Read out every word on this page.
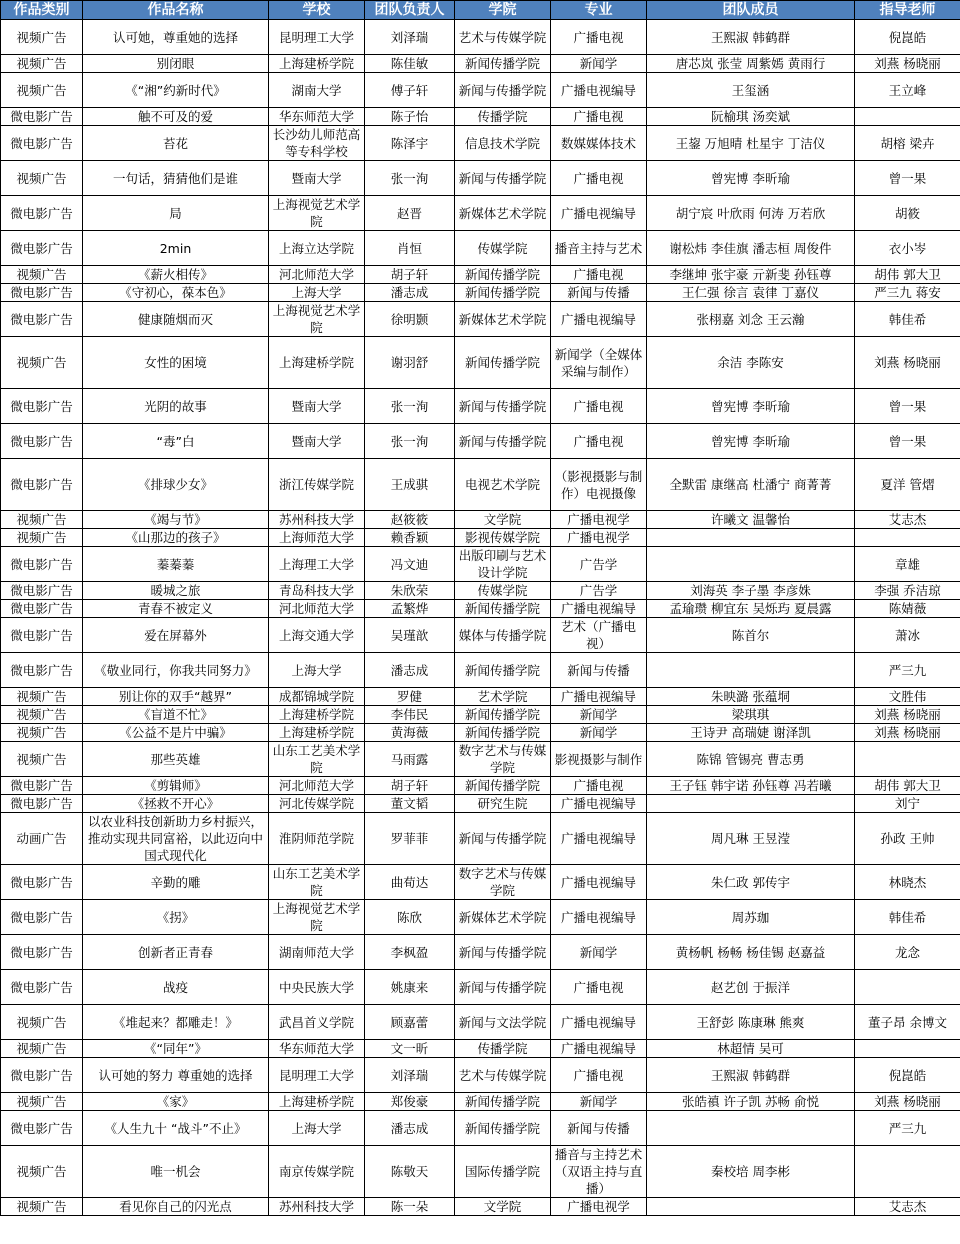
作品类别	作品名称	学校	团队负责人	学院	专业	团队成员	指导老师
视频广告	认可她，尊重她的选择	昆明理工大学	刘泽瑞	艺术与传媒学院	广播电视	王熙淑 韩鹤群	倪崑皓
视频广告	别闭眼	上海建桥学院	陈佳敏	新闻传播学院	新闻学	唐芯岚 张莹 周紫嫣 黄雨行	刘燕 杨晓丽
视频广告	《“湘”约新时代》	湖南大学	傅子轩	新闻与传播学院	广播电视编导	王玺涵	王立峰
微电影广告	触不可及的爱	华东师范大学	陈子怡	传播学院	广播电视	阮榆琪 汤奕斌	
微电影广告	苔花	长沙幼儿师范高等专科学校	陈泽宇	信息技术学院	数媒媒体技术	王鋆 万旭晴 杜星宇 丁洁仪	胡榕 梁卉
视频广告	一句话，猜猜他们是谁	暨南大学	张一洵	新闻与传播学院	广播电视	曾宪博 李昕瑜	曾一果
微电影广告	局	上海视觉艺术学院	赵晋	新媒体艺术学院	广播电视编导	胡宁宸 叶欣雨 何涛 万若欣	胡筱
微电影广告	2min	上海立达学院	肖恒	传媒学院	播音主持与艺术	谢松炜 李佳旗 潘志桓 周俊件	衣小岑
视频广告	《薪火相传》	河北师范大学	胡子轩	新闻传播学院	广播电视	李继坤 张宇豪 亓新斐 孙钰尊	胡伟 郭大卫
微电影广告	《守初心，葆本色》	上海大学	潘志成	新闻传播学院	新闻与传播	王仁强 徐言 袁律 丁嘉仪	严三九 蒋安
微电影广告	健康随烟而灭	上海视觉艺术学院	徐明颢	新媒体艺术学院	广播电视编导	张栩嘉 刘念 王云瀚	韩佳希
视频广告	女性的困境	上海建桥学院	谢羽舒	新闻传播学院	新闻学（全媒体采编与制作）	余洁 李陈安	刘燕 杨晓丽
微电影广告	光阴的故事	暨南大学	张一洵	新闻与传播学院	广播电视	曾宪博 李昕瑜	曾一果
微电影广告	“毒”白	暨南大学	张一洵	新闻与传播学院	广播电视	曾宪博 李昕瑜	曾一果
微电影广告	《排球少女》	浙江传媒学院	王成骐	电视艺术学院	（影视摄影与制作）电视摄像	全默雷 康继高 杜潘宁 商菁菁	夏洋 管熠
视频广告	《竭与节》	苏州科技大学	赵筱筱	文学院	广播电视学	许曦文 温馨怡	艾志杰
视频广告	《山那边的孩子》	上海师范大学	赖香颖	影视传媒学院	广播电视学		
微电影广告	蓁蓁蓁	上海理工大学	冯文迪	出版印刷与艺术设计学院	广告学		章雄
微电影广告	暖城之旅	青岛科技大学	朱欣荣	传媒学院	广告学	刘海英 李子墨 李彦姝	李强 乔洁琼
微电影广告	青春不被定义	河北师范大学	孟繁烨	新闻传播学院	广播电视编导	孟瑜瓒 柳宜东 吴烁玙 夏晨露	陈婧薇
微电影广告	爱在屏幕外	上海交通大学	吴瑾歆	媒体与传播学院	艺术（广播电视）	陈首尔	萧冰
微电影广告	《敬业同行，你我共同努力》	上海大学	潘志成	新闻传播学院	新闻与传播		严三九
视频广告	别让你的双手“越界”	成都锦城学院	罗健	艺术学院	广播电视编导	朱映潞 张蕴垌	文胜伟
视频广告	《盲道不忙》	上海建桥学院	李伟民	新闻传播学院	新闻学	梁琪琪	刘燕 杨晓丽
视频广告	《公益不是片中骗》	上海建桥学院	黄海薇	新闻传播学院	新闻学	王诗尹 高瑞婕 谢泽凯	刘燕 杨晓丽
视频广告	那些英雄	山东工艺美术学院	马雨露	数字艺术与传媒学院	影视摄影与制作	陈锦 管锡亮 曹志勇	
微电影广告	《剪辑师》	河北师范大学	胡子轩	新闻传播学院	广播电视	王子钰 韩宇诺 孙钰尊 冯若曦	胡伟 郭大卫
微电影广告	《拯救不开心》	河北传媒学院	董文韬	研究生院	广播电视编导		刘宁
动画广告	以农业科技创新助力乡村振兴，推动实现共同富裕，以此迈向中国式现代化	淮阴师范学院	罗菲菲	新闻与传播学院	广播电视编导	周凡琳 王昱滢	孙政 王帅
微电影广告	辛勤的雕	山东工艺美术学院	曲荀达	数字艺术与传媒学院	广播电视编导	朱仁政 郭传宇	林晓杰
微电影广告	《拐》	上海视觉艺术学院	陈欣	新媒体艺术学院	广播电视编导	周苏珈	韩佳希
微电影广告	创新者正青春	湖南师范大学	李枫盈	新闻与传播学院	新闻学	黄杨帆 杨畅 杨佳锡 赵嘉益	龙念
微电影广告	战疫	中央民族大学	姚康来	新闻与传播学院	广播电视	赵艺创 于振洋	
视频广告	《堆起来？都雕走！》	武昌首义学院	顾嘉蕾	新闻与文法学院	广播电视编导	王舒彭 陈康琳 熊爽	董子昂 余博文
视频广告	《“同年”》	华东师范大学	文一昕	传播学院	广播电视编导	林超情 吴可	
微电影广告	认可她的努力 尊重她的选择	昆明理工大学	刘泽瑞	艺术与传媒学院	广播电视	王熙淑 韩鹤群	倪崑皓
视频广告	《家》	上海建桥学院	郑俊豪	新闻传播学院	新闻学	张皓禛 许子凯 苏畅 俞悦	刘燕 杨晓丽
微电影广告	《人生九十 “战斗”不止》	上海大学	潘志成	新闻传播学院	新闻与传播		严三九
视频广告	唯一机会	南京传媒学院	陈敬天	国际传播学院	播音与主持艺术（双语主持与直播）	秦校培 周李彬	
视频广告	看见你自己的闪光点	苏州科技大学	陈一朵	文学院	广播电视学		艾志杰
